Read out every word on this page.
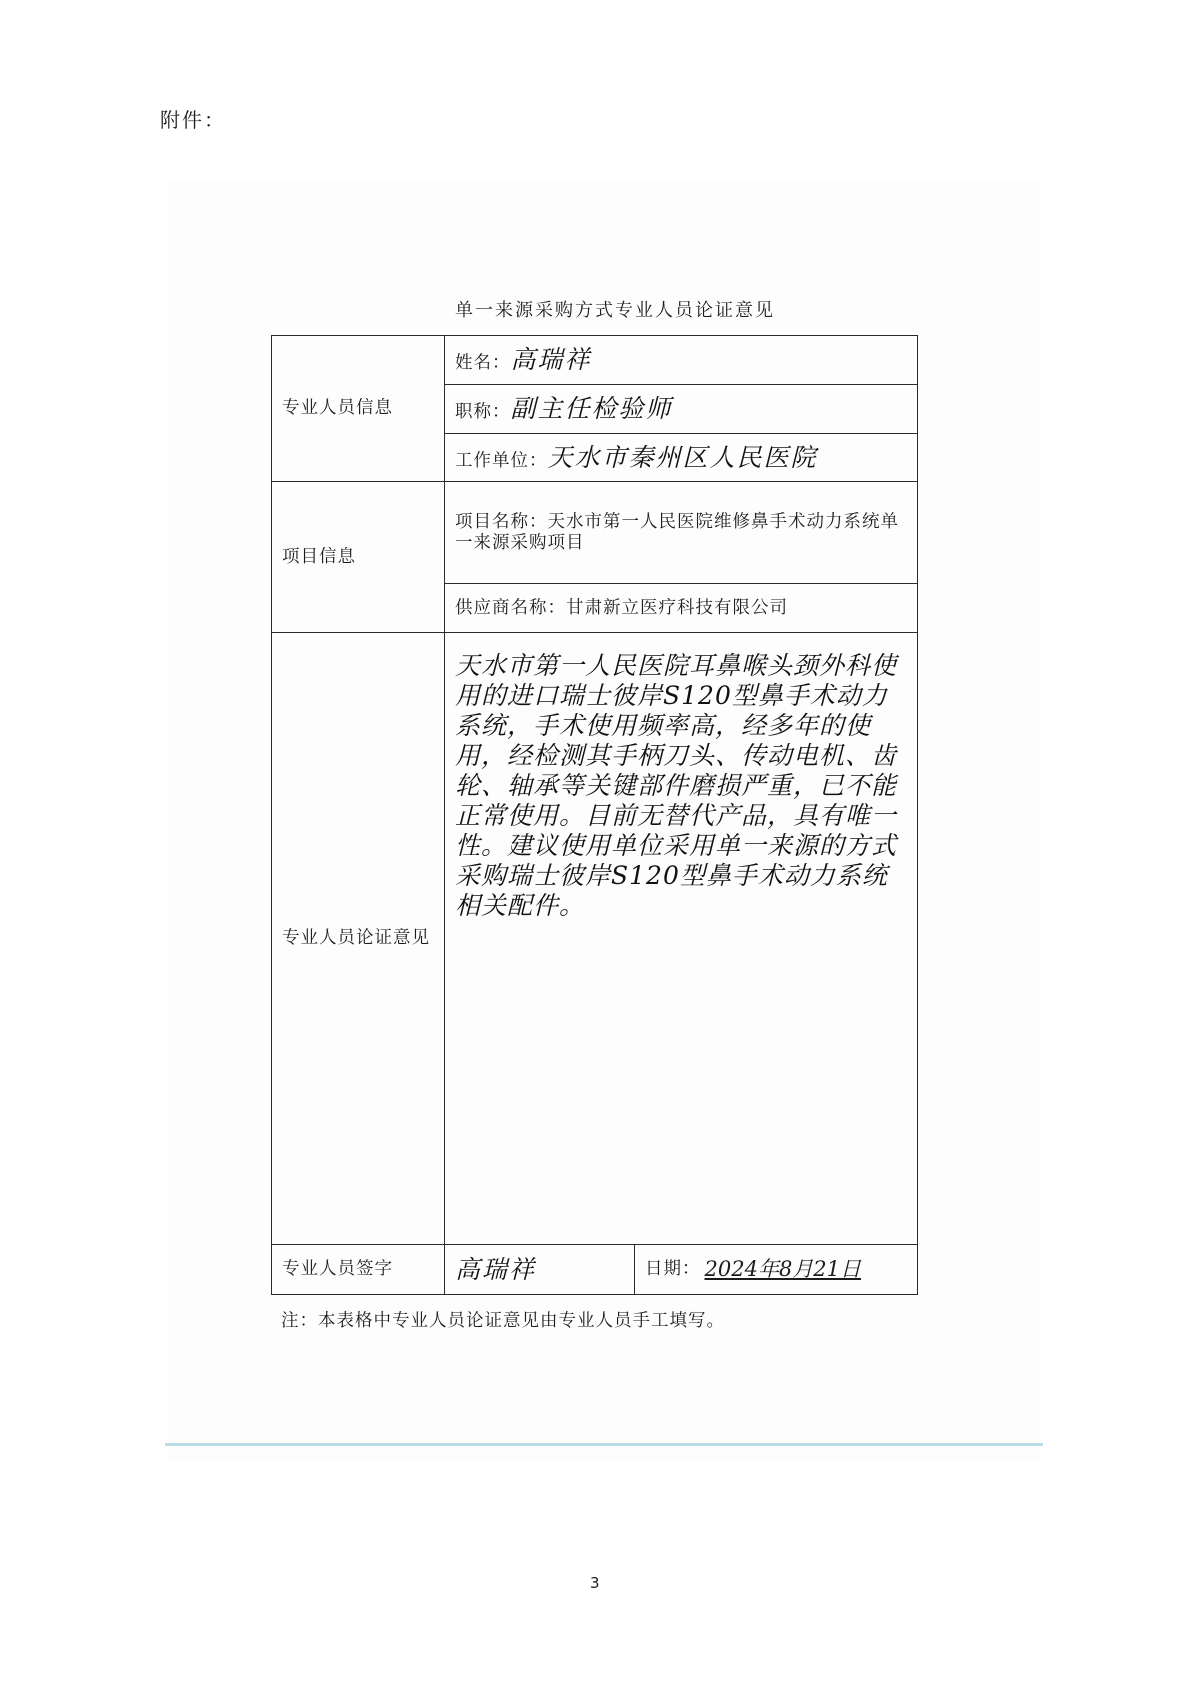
附件：
单一来源采购方式专业人员论证意见
专业人员信息	姓名：高瑞祥	
	职称：副主任检验师	
	工作单位：天水市秦州区人民医院	
项目信息	项目名称：天水市第一人民医院维修鼻手术动力系统单一来源采购项目	
	供应商名称：甘肃新立医疗科技有限公司	
专业人员论证意见	天水市第一人民医院耳鼻喉头颈外科使用的进口瑞士彼岸S120型鼻手术动力系统，手术使用频率高，经多年的使用，经检测其手柄刀头、传动电机、齿轮、轴承等关键部件磨损严重，已不能正常使用。目前无替代产品，具有唯一性。建议使用单位采用单一来源的方式采购瑞士彼岸S120型鼻手术动力系统相关配件。	
专业人员签字	高瑞祥	日期： 2024年8月21日
注：本表格中专业人员论证意见由专业人员手工填写。
3
